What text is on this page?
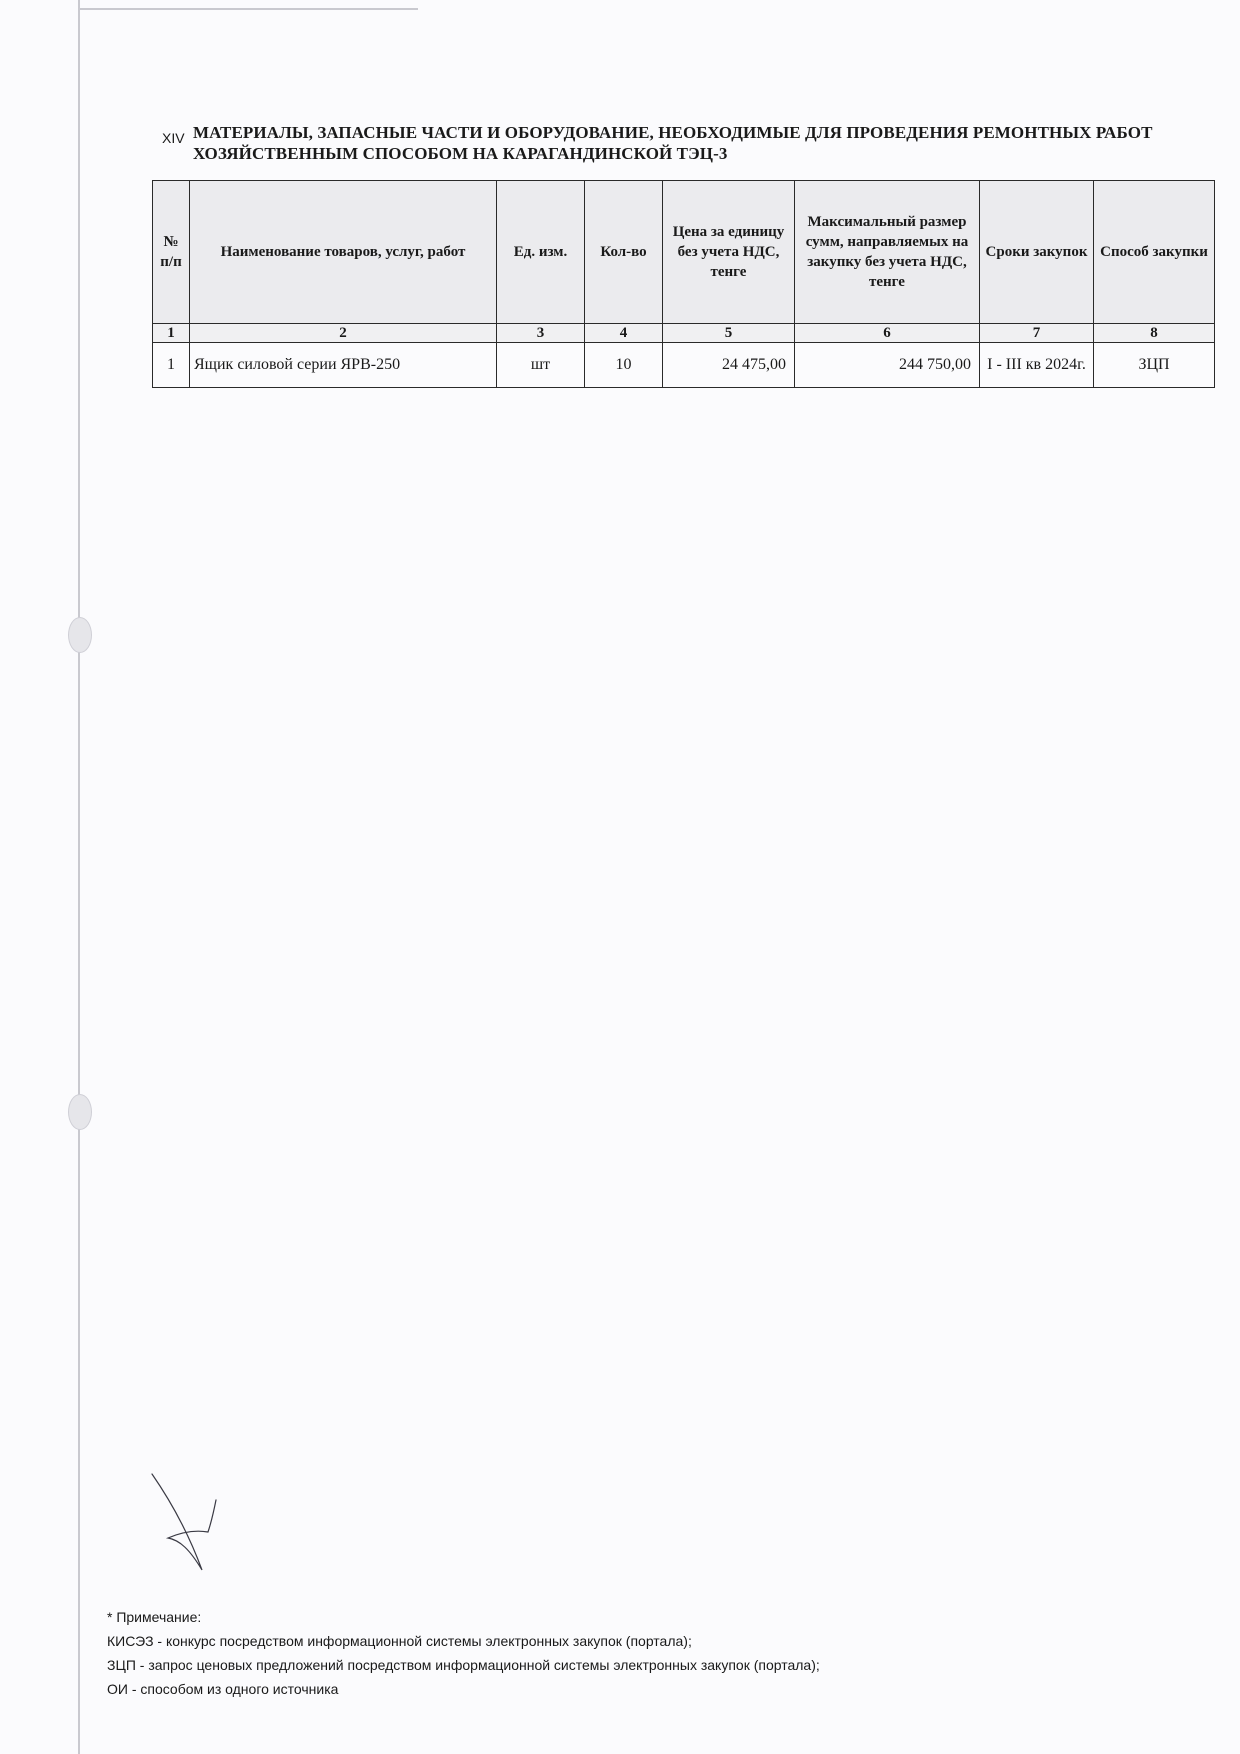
XIV МАТЕРИАЛЫ, ЗАПАСНЫЕ ЧАСТИ И ОБОРУДОВАНИЕ, НЕОБХОДИМЫЕ ДЛЯ ПРОВЕДЕНИЯ РЕМОНТНЫХ РАБОТ ХОЗЯЙСТВЕННЫМ СПОСОБОМ НА КАРАГАНДИНСКОЙ ТЭЦ-3
№ п/п	Наименование товаров, услуг, работ	Ед. изм.	Кол-во	Цена за единицу без учета НДС, тенге	Максимальный размер сумм, направляемых на закупку без учета НДС, тенге	Сроки закупок	Способ закупки
1	2	3	4	5	6	7	8
1	Ящик силовой серии ЯРВ-250	шт	10	24 475,00	244 750,00	I - III кв 2024г.	ЗЦП
* Примечание:
КИСЭЗ - конкурс посредством информационной системы электронных закупок (портала);
ЗЦП - запрос ценовых предложений посредством информационной системы электронных закупок (портала);
ОИ - способом из одного источника
